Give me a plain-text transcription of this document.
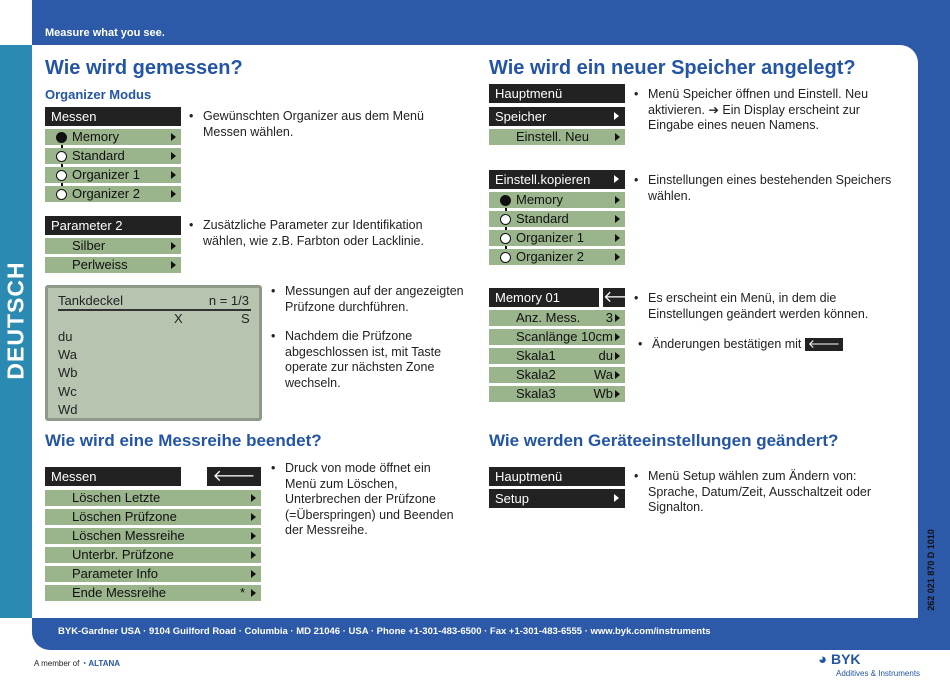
DEUTSCH
Measure what you see.
Wie wird gemessen?
Organizer Modus
Messen
Memory
Standard
Organizer 1
Organizer 2
• Gewünschten Organizer aus dem Menü Messen wählen.
Parameter 2
Silber
Perlweiss
• Zusätzliche Parameter zur Identifikation wählen, wie z.B. Farbton oder Lacklinie.
Tankdeckel	n = 1/3
X	S
du
Wa
Wb
Wc
Wd
• Messungen auf der angezeigten Prüfzone durchführen.
• Nachdem die Prüfzone abgeschlossen ist, mit Taste operate zur nächsten Zone wechseln.
Wie wird eine Messreihe beendet?
Messen	🡐
Löschen Letzte
Löschen Prüfzone
Löschen Messreihe
Unterbr. Prüfzone
Parameter Info
Ende Messreihe	*
• Druck von mode öffnet ein Menü zum Löschen, Unterbrechen der Prüfzone (=Überspringen) und Beenden der Messreihe.
Wie wird ein neuer Speicher angelegt?
Hauptmenü
Speicher
Einstell. Neu
• Menü Speicher öffnen und Einstell. Neu aktivieren. ➔ Ein Display erscheint zur Eingabe eines neuen Namens.
Einstell.kopieren
Memory
Standard
Organizer 1
Organizer 2
• Einstellungen eines bestehenden Speichers wählen.
Memory 01	🡐
Anz. Mess. 3
Scanlänge 10cm
Skala1	du
Skala2	Wa
Skala3	Wb
• Es erscheint ein Menü, in dem die Einstellungen geändert werden können.
• Änderungen bestätigen mit 🡐
Wie werden Geräteeinstellungen geändert?
Hauptmenü
Setup
• Menü Setup wählen zum Ändern von: Sprache, Datum/Zeit, Ausschaltzeit oder Signalton.
262 021 870 D 1010
BYK-Gardner USA · 9104 Guilford Road · Columbia · MD 21046 · USA · Phone +1-301-483-6500 · Fax +1-301-483-6555 · www.byk.com/instruments
A member of ◔ ALTANA	◕ BYK
Additives & Instruments
